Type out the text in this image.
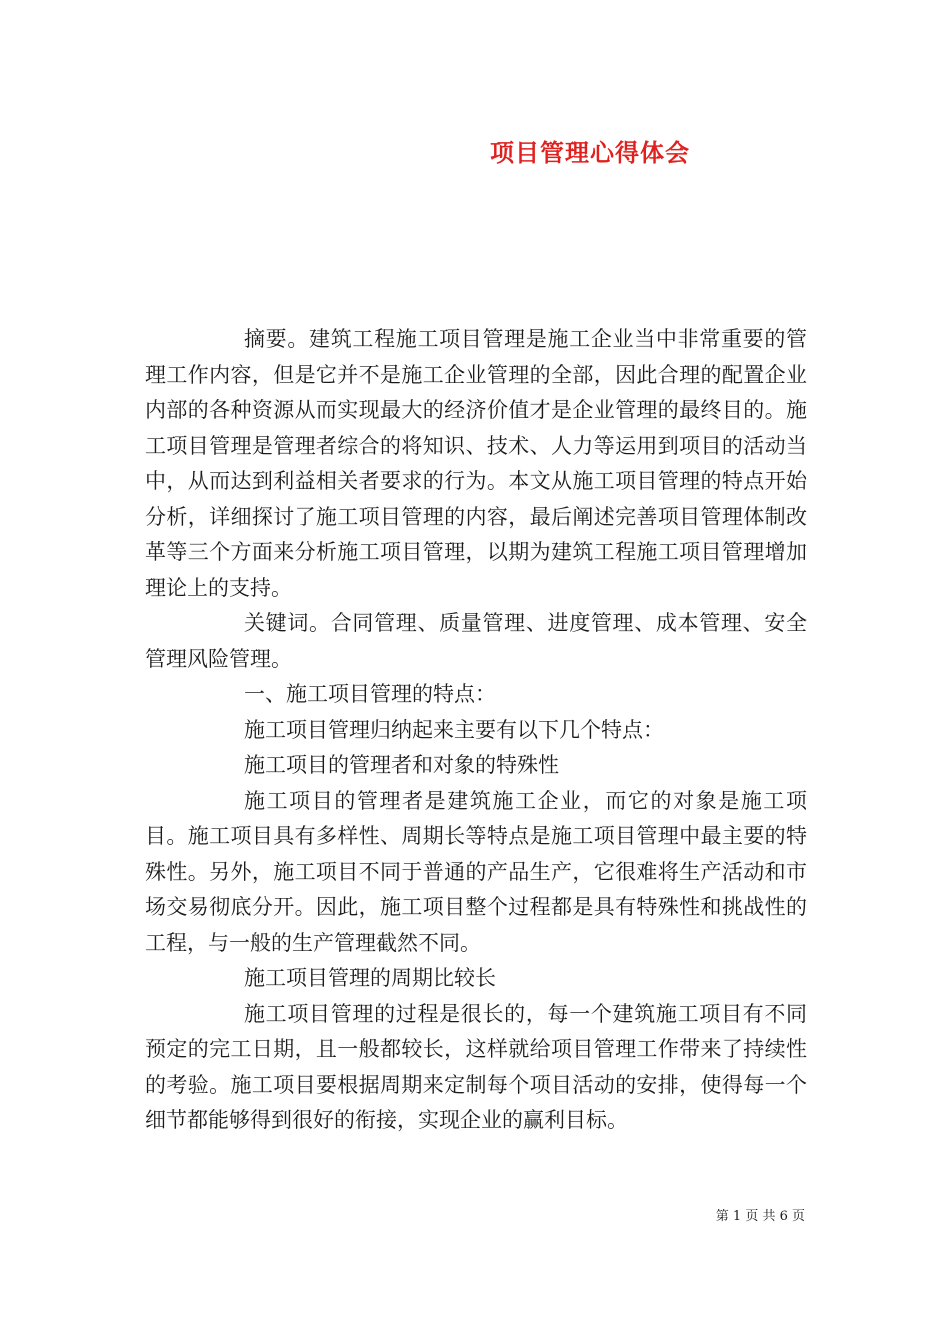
项目管理心得体会

摘要。建筑工程施工项目管理是施工企业当中非常重要的管理工作内容，但是它并不是施工企业管理的全部，因此合理的配置企业内部的各种资源从而实现最大的经济价值才是企业管理的最终目的。施工项目管理是管理者综合的将知识、技术、人力等运用到项目的活动当中，从而达到利益相关者要求的行为。本文从施工项目管理的特点开始分析，详细探讨了施工项目管理的内容，最后阐述完善项目管理体制改革等三个方面来分析施工项目管理，以期为建筑工程施工项目管理增加理论上的支持。

关键词。合同管理、质量管理、进度管理、成本管理、安全管理风险管理。

一、施工项目管理的特点：

施工项目管理归纳起来主要有以下几个特点：

施工项目的管理者和对象的特殊性

施工项目的管理者是建筑施工企业，而它的对象是施工项目。施工项目具有多样性、周期长等特点是施工项目管理中最主要的特殊性。另外，施工项目不同于普通的产品生产，它很难将生产活动和市场交易彻底分开。因此，施工项目整个过程都是具有特殊性和挑战性的工程，与一般的生产管理截然不同。

施工项目管理的周期比较长

施工项目管理的过程是很长的，每一个建筑施工项目有不同预定的完工日期，且一般都较长，这样就给项目管理工作带来了持续性的考验。施工项目要根据周期来定制每个项目活动的安排，使得每一个细节都能够得到很好的衔接，实现企业的赢利目标。

第 1 页 共 6 页
